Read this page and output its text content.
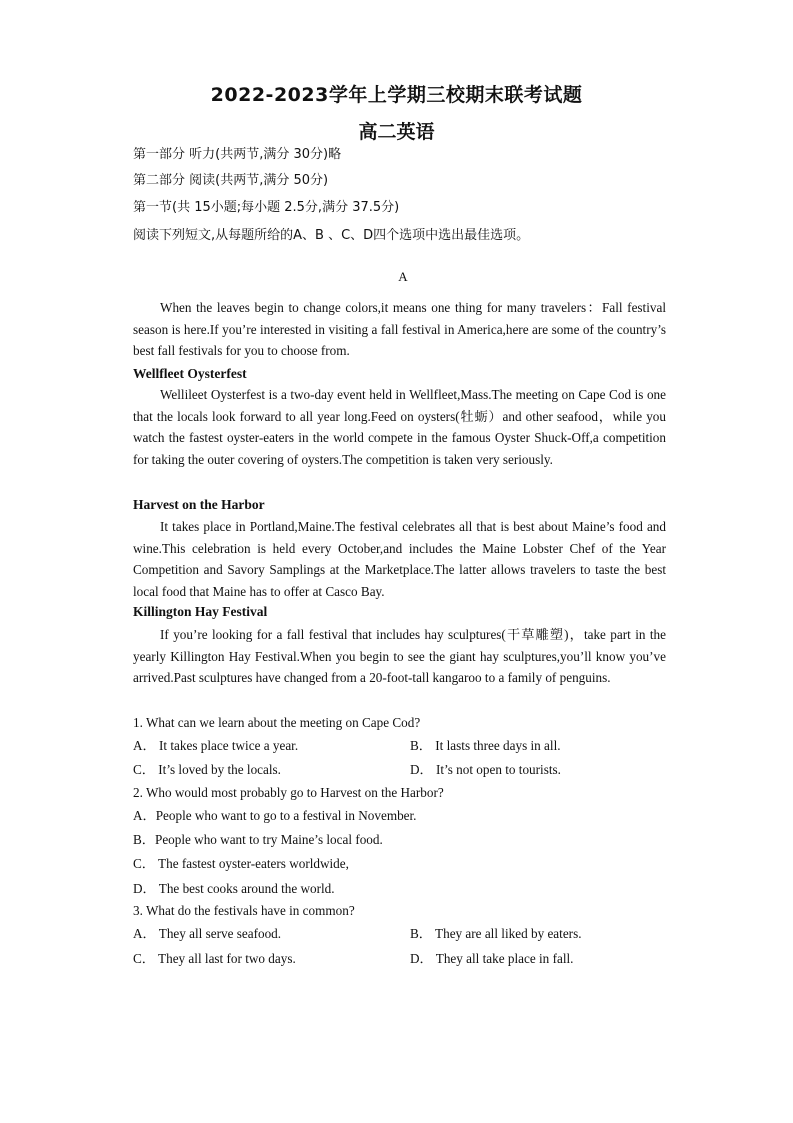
2022-2023学年上学期三校期末联考试题
高二英语
第一部分 听力(共两节,满分 30分)略
第二部分 阅读(共两节,满分 50分)
第一节(共 15小题;每小题 2.5分,满分 37.5分)
阅读下列短文,从每题所给的A、B 、C、D四个选项中选出最佳选项。
A
When the leaves begin to change colors,it means one thing for many travelers：Fall festival season is here.If you’re interested in visiting a fall festival in America,here are some of the country’s best fall festivals for you to choose from.
Wellfleet Oysterfest
Wellileet Oysterfest is a two-day event held in Wellfleet,Mass.The meeting on Cape Cod is one that the locals look forward to all year long.Feed on oysters(牡蛎）and other seafood，while you watch the fastest oyster-eaters in the world compete in the famous Oyster Shuck-Off,a competition for taking the outer covering of oysters.The competition is taken very seriously.
Harvest on the Harbor
It takes place in Portland,Maine.The festival celebrates all that is best about Maine’s food and wine.This celebration is held every October,and includes the Maine Lobster Chef of the Year Competition and Savory Samplings at the Marketplace.The latter allows travelers to taste the best local food that Maine has to offer at Casco Bay.
Killington Hay Festival
If you’re looking for a fall festival that includes hay sculptures(干草雕塑)，take part in the yearly Killington Hay Festival.When you begin to see the giant hay sculptures,you’ll know you’ve arrived.Past sculptures have changed from a 20-foot-tall kangaroo to a family of penguins.
1. What can we learn about the meeting on Cape Cod?
A． It takes place twice a year.	B． It lasts three days in all.
C． It’s loved by the locals.	D． It’s not open to tourists.
2. Who would most probably go to Harvest on the Harbor?
A．People who want to go to a festival in November.
B．People who want to try Maine’s local food.
C． The fastest oyster-eaters worldwide,
D． The best cooks around the world.
3. What do the festivals have in common?
A． They all serve seafood.	B． They are all liked by eaters.
C． They all last for two days.	D． They all take place in fall.
